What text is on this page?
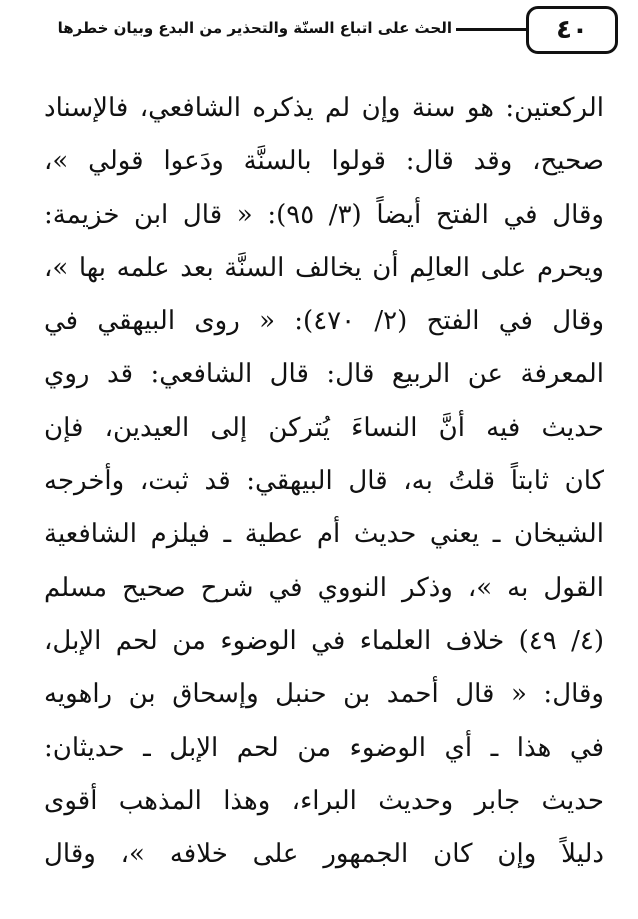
٤٠
الحث على اتباع السنّة والتحذير من البدع وبيان خطرها
الركعتين: هو سنة وإن لم يذكره الشافعي، فالإسناد
صحيح، وقد قال: قولوا بالسنَّة ودَعوا قولي »،
وقال في الفتح أيضاً (٣/ ٩٥): « قال ابن خزيمة:
ويحرم على العالِم أن يخالف السنَّة بعد علمه بها »،
وقال في الفتح (٢/ ٤٧٠): « روى البيهقي في
المعرفة عن الربيع قال: قال الشافعي: قد روي
حديث فيه أنَّ النساءَ يُتركن إلى العيدين، فإن
كان ثابتاً قلتُ به، قال البيهقي: قد ثبت، وأخرجه
الشيخان ـ يعني حديث أم عطية ـ فيلزم الشافعية
القول به »، وذكر النووي في شرح صحيح مسلم
(٤/ ٤٩) خلاف العلماء في الوضوء من لحم الإبل،
وقال: « قال أحمد بن حنبل وإسحاق بن راهويه
في هذا ـ أي الوضوء من لحم الإبل ـ حديثان:
حديث جابر وحديث البراء، وهذا المذهب أقوى
دليلاً وإن كان الجمهور على خلافه »، وقال
